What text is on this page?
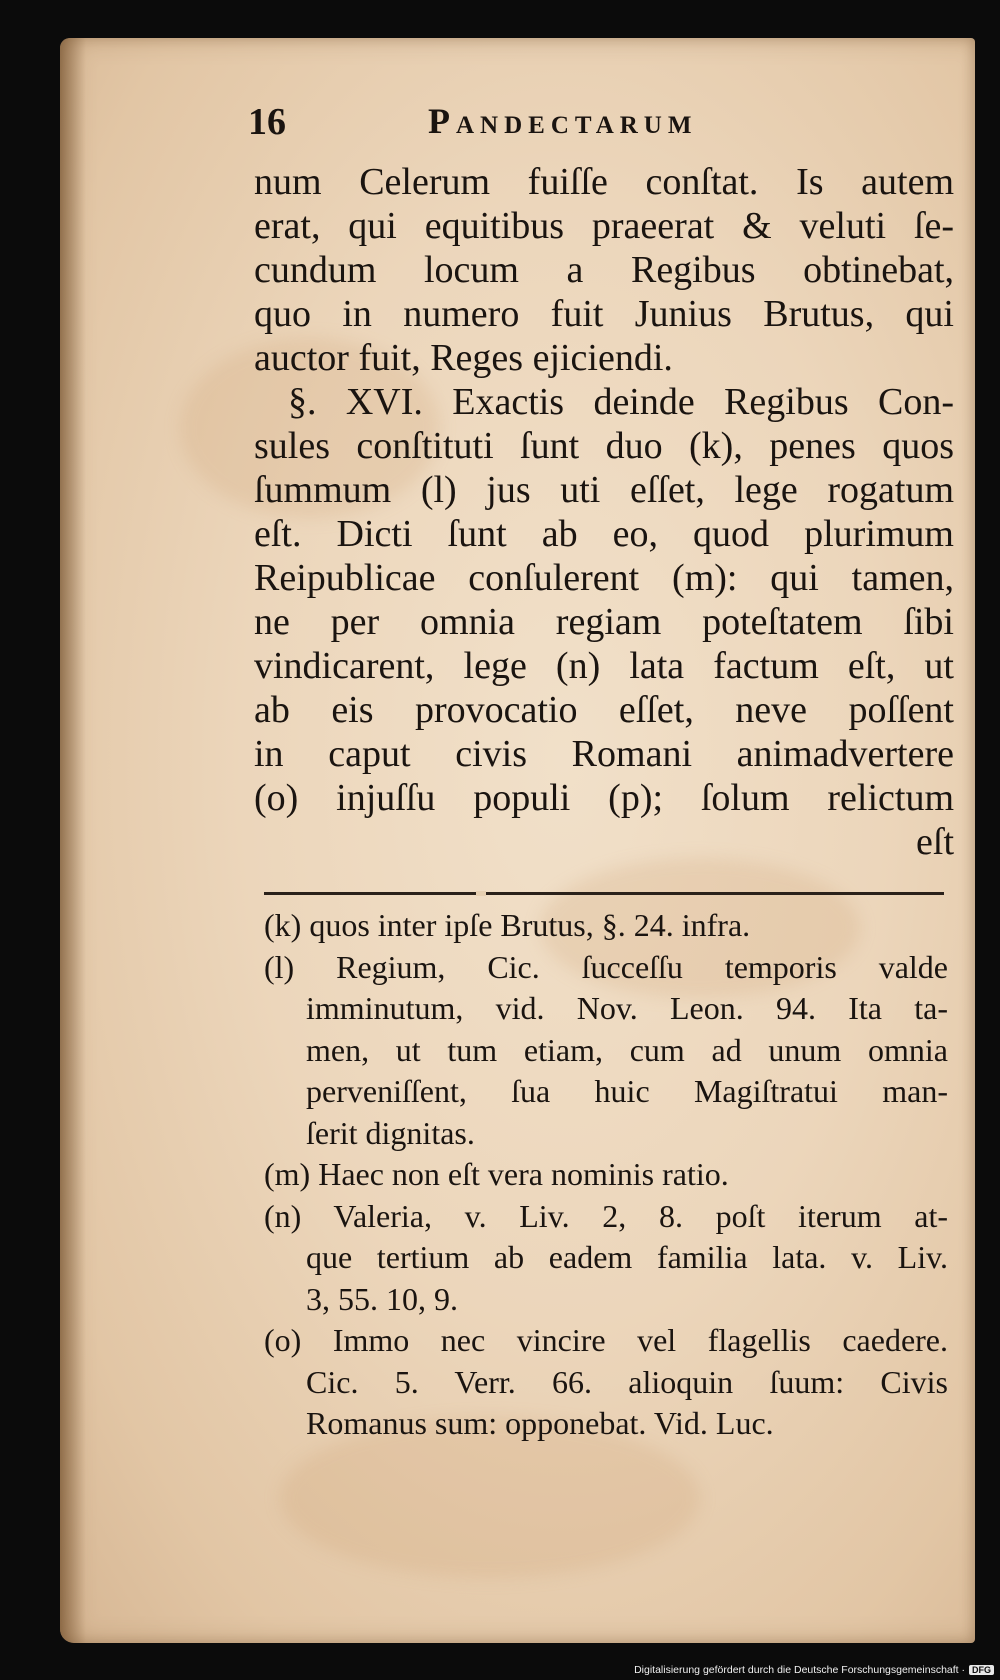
16	Pandectarum
num Celerum fuiſſe conſtat. Is autem
erat, qui equitibus praeerat & veluti ſe-
cundum locum a Regibus obtinebat,
quo in numero fuit Junius Brutus, qui
auctor fuit, Reges ejiciendi.
§. XVI. Exactis deinde Regibus Con-
sules conſtituti ſunt duo (k), penes quos
ſummum (l) jus uti eſſet, lege rogatum
eſt. Dicti ſunt ab eo, quod plurimum
Reipublicae conſulerent (m): qui tamen,
ne per omnia regiam poteſtatem ſibi
vindicarent, lege (n) lata factum eſt, ut
ab eis provocatio eſſet, neve poſſent
in caput civis Romani animadvertere
(o) injuſſu populi (p); ſolum relictum
eſt
(k) quos inter ipſe Brutus, §. 24. infra.
(l) Regium, Cic. ſucceſſu temporis valde
imminutum, vid. Nov. Leon. 94. Ita ta-
men, ut tum etiam, cum ad unum omnia
perveniſſent, ſua huic Magiſtratui man-
ſerit dignitas.
(m) Haec non eſt vera nominis ratio.
(n) Valeria, v. Liv. 2, 8. poſt iterum at-
que tertium ab eadem familia lata. v. Liv.
3, 55. 10, 9.
(o) Immo nec vincire vel flagellis caedere.
Cic. 5. Verr. 66. alioquin ſuum: Civis
Romanus sum: opponebat. Vid. Luc.
Digitalisierung gefördert durch die Deutsche Forschungsgemeinschaft · DFG
